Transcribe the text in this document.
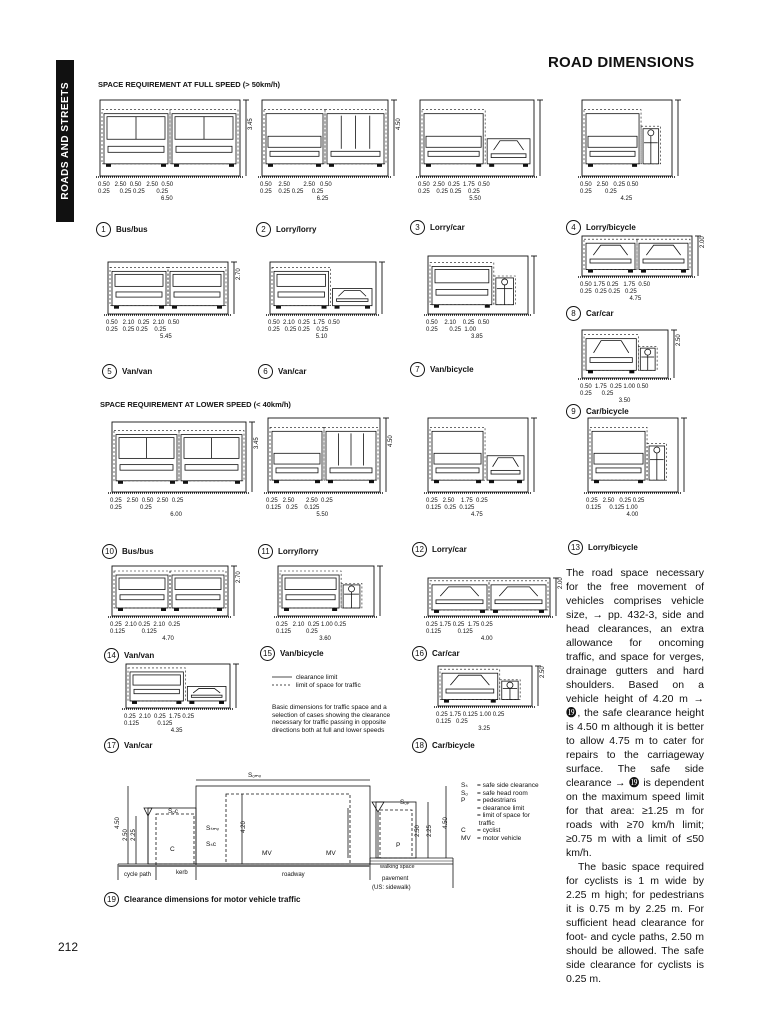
ROADS AND STREETS
ROAD DIMENSIONS
SPACE REQUIREMENT AT FULL SPEED (> 50km/h)
SPACE REQUIREMENT AT LOWER SPEED (< 40km/h)
3.45
0.50   2.50  0.50   2.50  0.50
0.25      0.25 0.25       0.25
6.50
1	Bus/bus
4.50
0.50    2.50        2.50   0.50
0.25    0.25 0.25     0.25
6.25
2	Lorry/lorry
0.50  2.50  0.25  1.75  0.50
0.25    0.25 0.25    0.25
5.50
3	Lorry/car
0.50   2.50   0.25 0.50
0.25        0.25
4.25
4	Lorry/bicycle
2.70
0.50   2.10  0.25  2.10  0.50
0.25   0.25 0.25    0.25
5.45
5	Van/van
0.50  2.10  0.25  1.75  0.50
0.25   0.25 0.25    0.25
5.10
6	Van/car
0.50    2.10    0.25  0.50
0.25       0.25  1.00
3.85
7	Van/bicycle
2.00
0.50 1.75 0.25   1.75  0.50
0.25  0.25 0.25   0.25
4.75
8	Car/car
2.50
0.50  1.75  0.25 1.00 0.50
0.25      0.25
3.50
9	Car/bicycle
3.45
0.25   2.50  0.50  2.50  0.25
0.25           0.25
6.00
10	Bus/bus
4.50
0.25   2.50       2.50  0.25
0.125   0.25    0.125
5.50
11	Lorry/lorry
0.25   2.50    1.75  0.25
0.125  0.25  0.125
4.75
12	Lorry/car
0.25   2.50   0.25 0.25
0.125     0.125 1.00
4.00
13	Lorry/bicycle
2.70
0.25  2.10 0.25  2.10  0.25
0.125          0.125
4.70
14	Van/van
0.25   2.10  0.25 1.00 0.25
0.125         0.25
3.60
15	Van/bicycle
2.00
0.25 1.75 0.25  1.75 0.25
0.125          0.125
4.00
16	Car/car
0.25  2.10  0.25  1.75 0.25
0.125           0.125
4.35
17	Van/car
2.50
0.25 1.75 0.125 1.00 0.25
0.125   0.25
3.25
18	Car/bicycle
clearance limit
limit of space for traffic
Basic dimensions for traffic space and a selection of cases showing the clearance necessary for traffic passing in opposite directions both at full and lower speeds
Sₒₘᵥ
Sₒc
Sₛₘᵥ
Sₛc
Sₒₚ
MV	MV
C
P
4.50
2.50 2.25
4.20	4.50
2.50 2.25
cycle path	kerb	roadway
walking space
pavement
(US: sidewalk)
Sₛ = safe side clearance
Sₒ = safe head room
P = pedestrians
= clearance limit
= limit of space for
traffic
C = cyclist
MV = motor vehicle
19	Clearance dimensions for motor vehicle traffic

The road space necessary for the free movement of vehicles comprises vehicle size, → pp. 432-3, side and head clearances, an extra allowance for oncoming traffic, and space for verges, drainage gutters and hard shoulders. Based on a vehicle height of 4.20 m → ⓳, the safe clearance height is 4.50 m although it is better to allow 4.75 m to cater for repairs to the carriageway surface. The safe side clearance → ⓳ is dependent on the maximum speed limit for that area: ≥1.25 m for roads with ≥70 km/h limit; ≥0.75 m with a limit of ≤50 km/h.

The basic space required for cyclists is 1 m wide by 2.25 m high; for pedestrians it is 0.75 m by 2.25 m. For sufficient head clearance for foot- and cycle paths, 2.50 m should be allowed. The safe side clearance for cyclists is 0.25 m.

212
